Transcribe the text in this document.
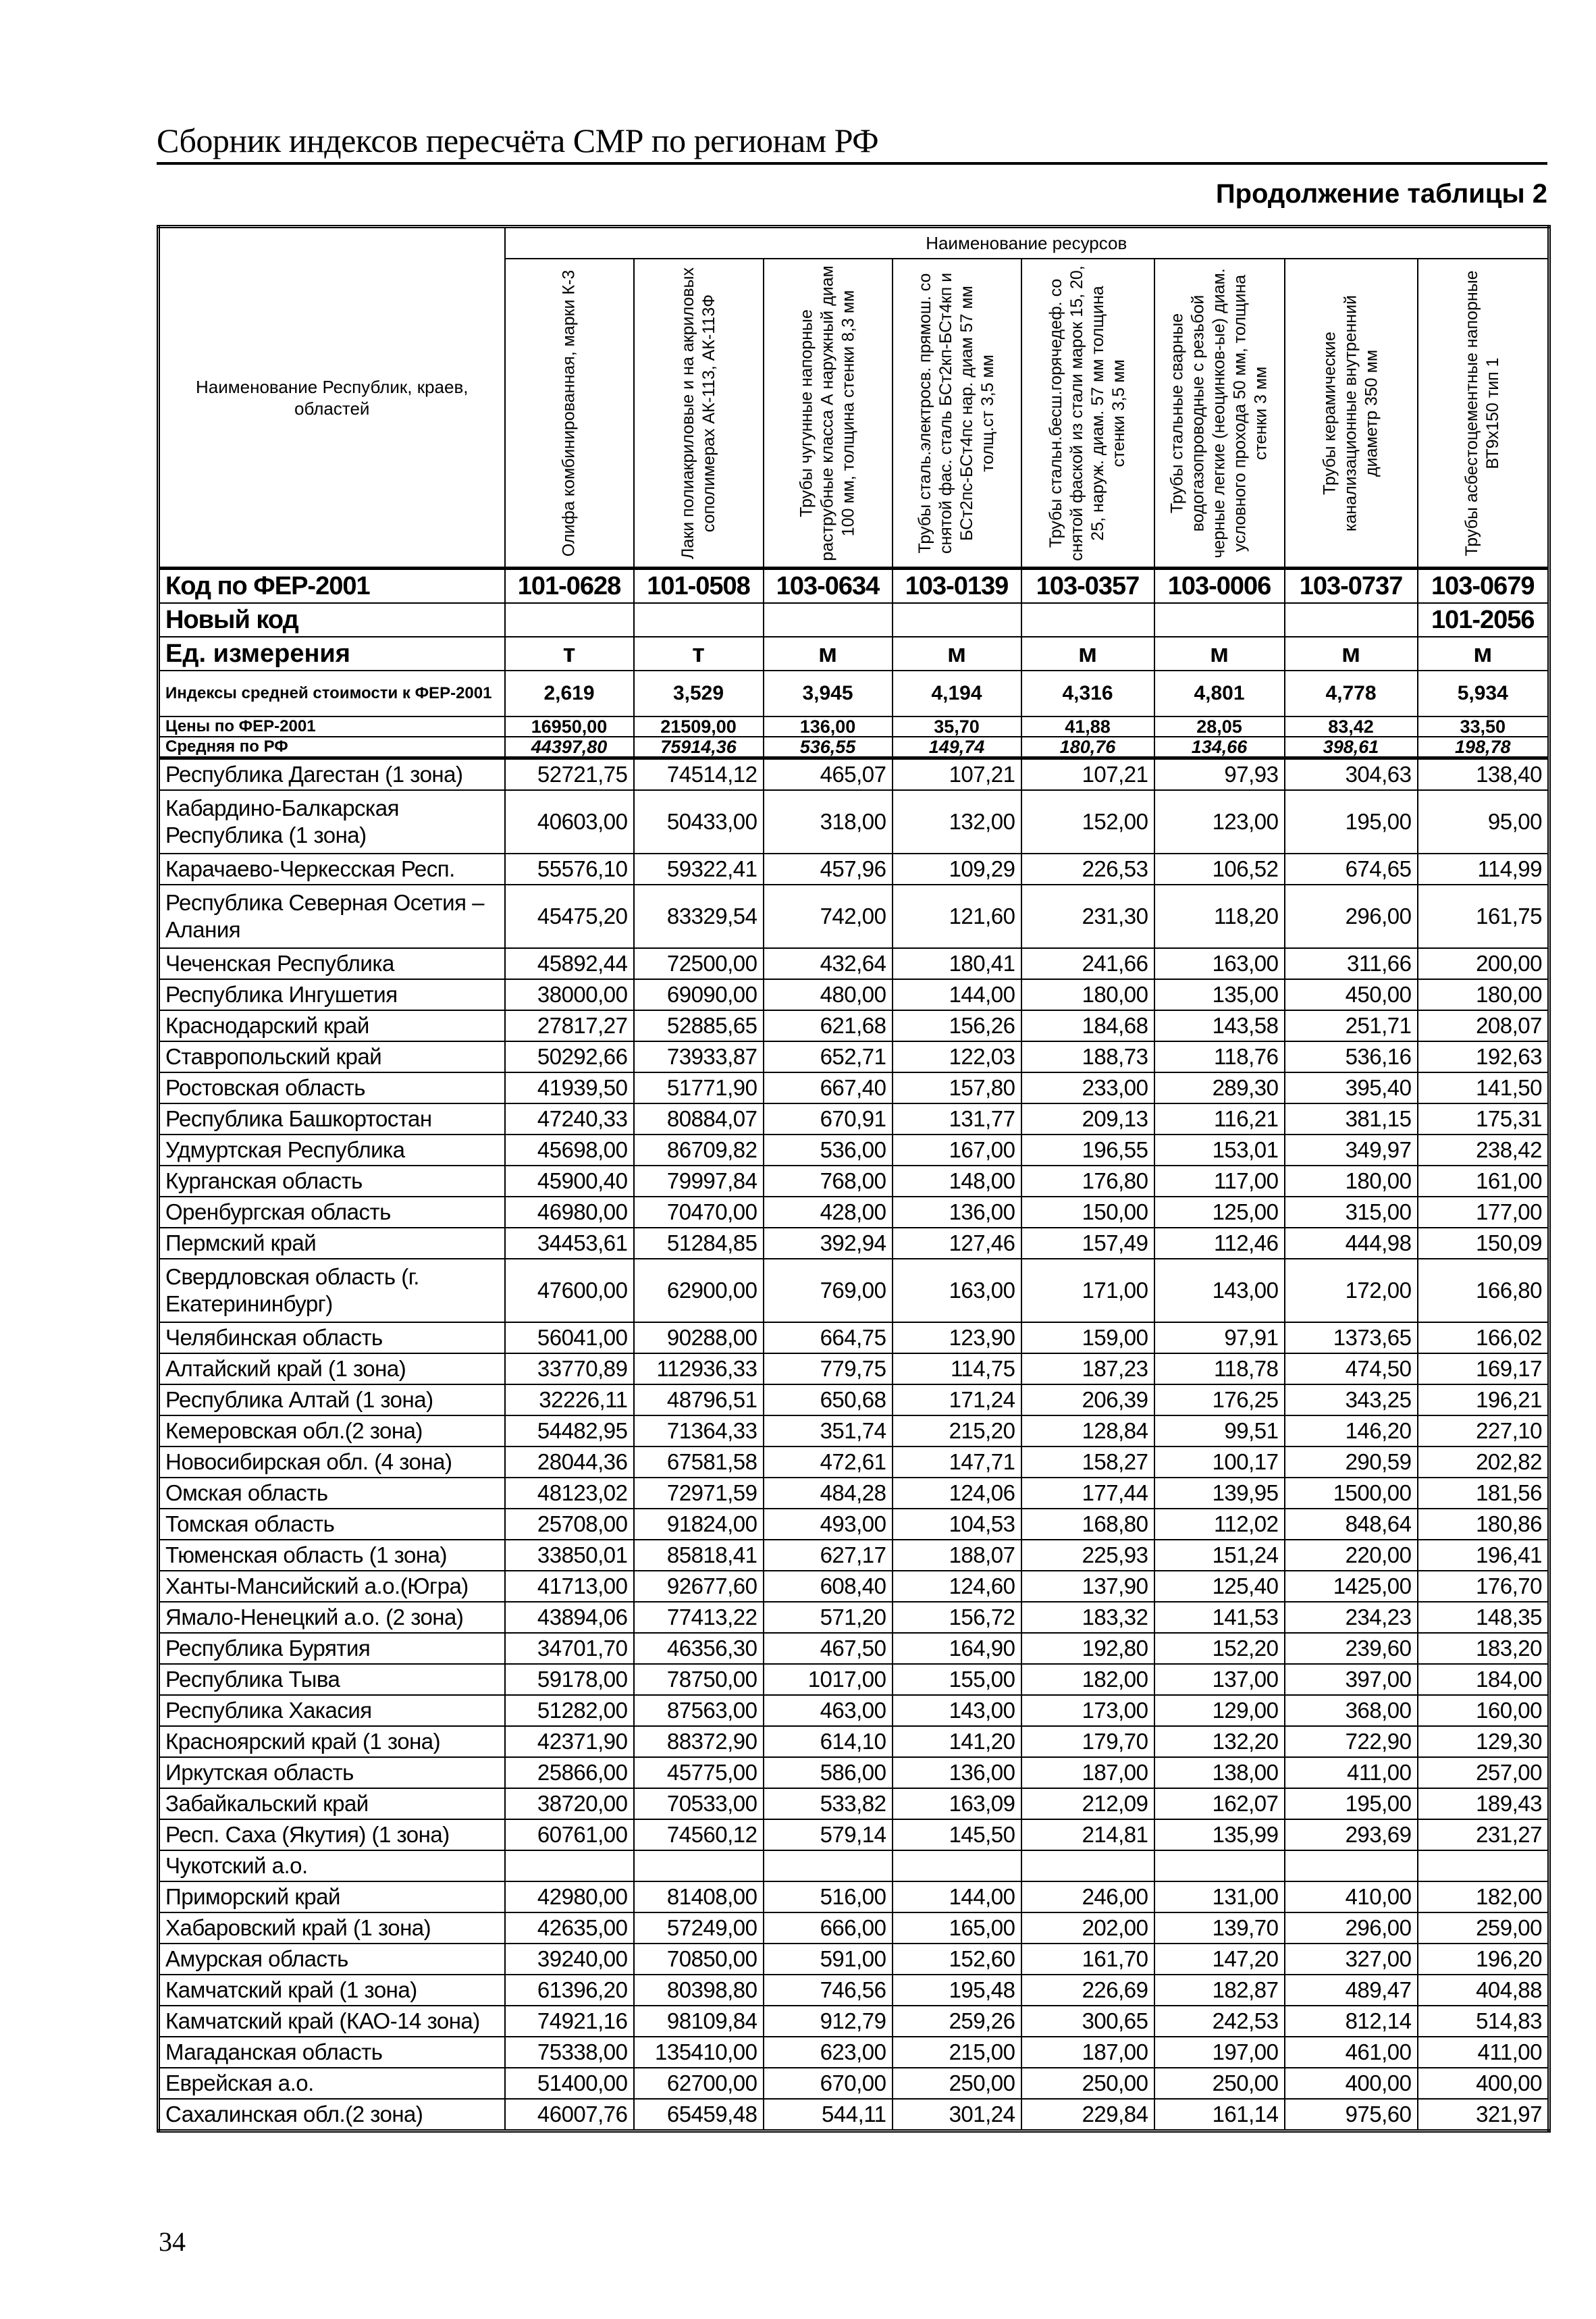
Сборник индексов пересчёта СМР по регионам РФ
Продолжение таблицы 2
Наименование Республик, краев, областей	Наименование ресурсов							

	Олифа комбинированная, марки К-3	Лаки полиакриловые и на акриловых сополимерах АК-113, АК-113Ф	Трубы чугунные напорные раструбные класса А наружный диам 100 мм, толщина стенки 8,3 мм	Трубы сталь.электросв. прямош. со снятой фас. сталь БСт2кп-БСт4кп и БСт2пс-БСт4пс нар. диам 57 мм толщ.ст 3,5 мм	Трубы стальн.бесш.горячедеф. со снятой фаской из стали марок 15, 20, 25, наруж. диам. 57 мм толщина стенки 3,5 мм	Трубы стальные сварные водогазопроводные с резьбой черные легкие (неоцинков-ые) диам. условного прохода 50 мм, толщина стенки 3 мм	Трубы керамические канализационные внутренний диаметр 350 мм	Трубы асбестоцементные напорные ВТ9х150 тип 1

Код по ФЕР-2001	101-0628	101-0508	103-0634	103-0139	103-0357	103-0006	103-0737	103-0679
Новый код								101-2056
Ед. измерения	т	т	м	м	м	м	м	м
Индексы средней стоимости к ФЕР-2001	2,619	3,529	3,945	4,194	4,316	4,801	4,778	5,934
Цены по ФЕР-2001	16950,00	21509,00	136,00	35,70	41,88	28,05	83,42	33,50
Средняя по РФ	44397,80	75914,36	536,55	149,74	180,76	134,66	398,61	198,78
Республика Дагестан (1 зона)	52721,75	74514,12	465,07	107,21	107,21	97,93	304,63	138,40
Кабардино-Балкарская Республика (1 зона)	40603,00	50433,00	318,00	132,00	152,00	123,00	195,00	95,00
Карачаево-Черкесская Респ.	55576,10	59322,41	457,96	109,29	226,53	106,52	674,65	114,99
Республика Северная Осетия – Алания	45475,20	83329,54	742,00	121,60	231,30	118,20	296,00	161,75
Чеченская Республика	45892,44	72500,00	432,64	180,41	241,66	163,00	311,66	200,00
Республика Ингушетия	38000,00	69090,00	480,00	144,00	180,00	135,00	450,00	180,00
Краснодарский край	27817,27	52885,65	621,68	156,26	184,68	143,58	251,71	208,07
Ставропольский край	50292,66	73933,87	652,71	122,03	188,73	118,76	536,16	192,63
Ростовская область	41939,50	51771,90	667,40	157,80	233,00	289,30	395,40	141,50
Республика Башкортостан	47240,33	80884,07	670,91	131,77	209,13	116,21	381,15	175,31
Удмуртская Республика	45698,00	86709,82	536,00	167,00	196,55	153,01	349,97	238,42
Курганская область	45900,40	79997,84	768,00	148,00	176,80	117,00	180,00	161,00
Оренбургская область	46980,00	70470,00	428,00	136,00	150,00	125,00	315,00	177,00
Пермский край	34453,61	51284,85	392,94	127,46	157,49	112,46	444,98	150,09
Свердловская область (г. Екатерининбург)	47600,00	62900,00	769,00	163,00	171,00	143,00	172,00	166,80
Челябинская область	56041,00	90288,00	664,75	123,90	159,00	97,91	1373,65	166,02
Алтайский край (1 зона)	33770,89	112936,33	779,75	114,75	187,23	118,78	474,50	169,17
Республика Алтай (1 зона)	32226,11	48796,51	650,68	171,24	206,39	176,25	343,25	196,21
Кемеровская обл.(2 зона)	54482,95	71364,33	351,74	215,20	128,84	99,51	146,20	227,10
Новосибирская обл. (4 зона)	28044,36	67581,58	472,61	147,71	158,27	100,17	290,59	202,82
Омская область	48123,02	72971,59	484,28	124,06	177,44	139,95	1500,00	181,56
Томская область	25708,00	91824,00	493,00	104,53	168,80	112,02	848,64	180,86
Тюменская область (1 зона)	33850,01	85818,41	627,17	188,07	225,93	151,24	220,00	196,41
Ханты-Мансийский а.о.(Югра)	41713,00	92677,60	608,40	124,60	137,90	125,40	1425,00	176,70
Ямало-Ненецкий а.о. (2 зона)	43894,06	77413,22	571,20	156,72	183,32	141,53	234,23	148,35
Республика Бурятия	34701,70	46356,30	467,50	164,90	192,80	152,20	239,60	183,20
Республика Тыва	59178,00	78750,00	1017,00	155,00	182,00	137,00	397,00	184,00
Республика Хакасия	51282,00	87563,00	463,00	143,00	173,00	129,00	368,00	160,00
Красноярский край (1 зона)	42371,90	88372,90	614,10	141,20	179,70	132,20	722,90	129,30
Иркутская область	25866,00	45775,00	586,00	136,00	187,00	138,00	411,00	257,00
Забайкальский край	38720,00	70533,00	533,82	163,09	212,09	162,07	195,00	189,43
Респ. Саха (Якутия) (1 зона)	60761,00	74560,12	579,14	145,50	214,81	135,99	293,69	231,27
Чукотский а.о.								
Приморский край	42980,00	81408,00	516,00	144,00	246,00	131,00	410,00	182,00
Хабаровский край (1 зона)	42635,00	57249,00	666,00	165,00	202,00	139,70	296,00	259,00
Амурская область	39240,00	70850,00	591,00	152,60	161,70	147,20	327,00	196,20
Камчатский край (1 зона)	61396,20	80398,80	746,56	195,48	226,69	182,87	489,47	404,88
Камчатский край (КАО-14 зона)	74921,16	98109,84	912,79	259,26	300,65	242,53	812,14	514,83
Магаданская область	75338,00	135410,00	623,00	215,00	187,00	197,00	461,00	411,00
Еврейская а.о.	51400,00	62700,00	670,00	250,00	250,00	250,00	400,00	400,00
Сахалинская обл.(2 зона)	46007,76	65459,48	544,11	301,24	229,84	161,14	975,60	321,97
34
